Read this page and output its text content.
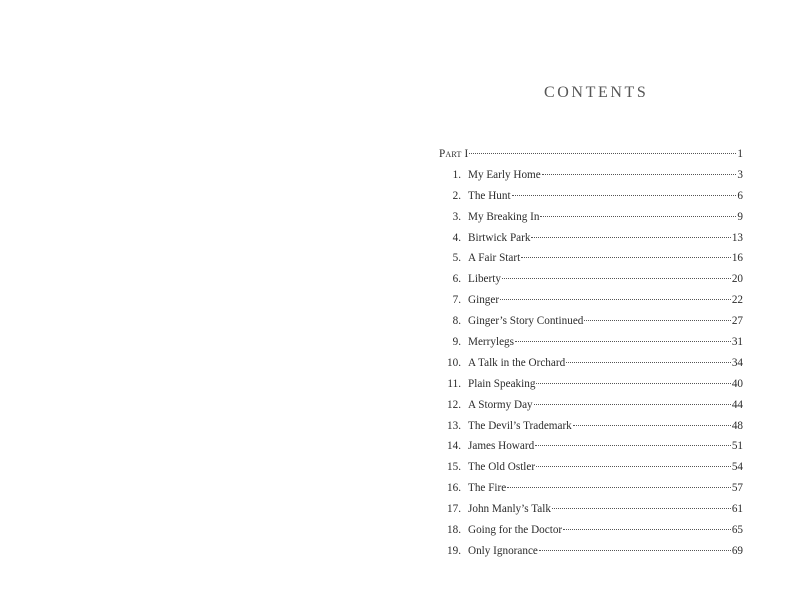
CONTENTS
Part I	1
1. My Early Home	3
2. The Hunt	6
3. My Breaking In	9
4. Birtwick Park	13
5. A Fair Start	16
6. Liberty	20
7. Ginger	22
8. Ginger’s Story Continued	27
9. Merrylegs	31
10. A Talk in the Orchard	34
11. Plain Speaking	40
12. A Stormy Day	44
13. The Devil’s Trademark	48
14. James Howard	51
15. The Old Ostler	54
16. The Fire	57
17. John Manly’s Talk	61
18. Going for the Doctor	65
19. Only Ignorance	69
